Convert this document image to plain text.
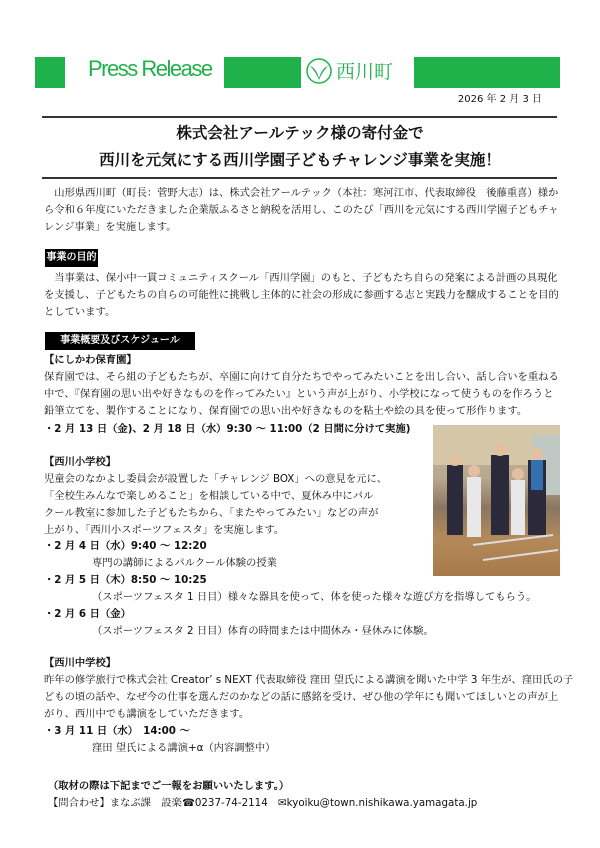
Press Release	西川町
2026 年 2 月 3 日
株式会社アールテック様の寄付金で
西川を元気にする西川学園子どもチャレンジ事業を実施！
　山形県西川町（町長：菅野大志）は、株式会社アールテック（本社：寒河江市、代表取締役　後藤重喜）様か
ら令和６年度にいただきました企業版ふるさと納税を活用し、このたび「西川を元気にする西川学園子どもチャ
レンジ事業」を実施します。
事業の目的
　当事業は、保小中一貫コミュニティスクール「西川学園」のもと、子どもたち自らの発案による計画の具現化
を支援し、子どもたちの自らの可能性に挑戦し主体的に社会の形成に参画する志と実践力を醸成することを目的
としています。
事業概要及びスケジュール
【にしかわ保育園】
保育園では、そら組の子どもたちが、卒園に向けて自分たちでやってみたいことを出し合い、話し合いを重ねる
中で、『保育園の思い出や好きなものを作ってみたい』という声が上がり、小学校になって使うものを作ろうと
鉛筆立てを、製作することになり、保育園での思い出や好きなものを粘土や絵の具を使って形作ります。
・2 月 13 日（金)、2 月 18 日（水）9:30 ～ 11:00（2 日間に分けて実施)
【西川小学校】
児童会のなかよし委員会が設置した「チャレンジ BOX」への意見を元に、
「全校生みんなで楽しめること」を相談している中で、夏休み中にパル
クール教室に参加した子どもたちから、「またやってみたい」などの声が
上がり、「西川小スポーツフェスタ」を実施します。
・2 月 4 日（水）9:40 ～ 12:20
専門の講師によるパルクール体験の授業
・2 月 5 日（木）8:50 ～ 10:25
（スポーツフェスタ 1 日目）様々な器具を使って、体を使った様々な遊び方を指導してもらう。
・2 月 6 日（金）
（スポーツフェスタ 2 日目）体育の時間または中間休み・昼休みに体験。
【西川中学校】
昨年の修学旅行で株式会社 Creator’ s NEXT 代表取締役 窪田 望氏による講演を聞いた中学 3 年生が、窪田氏の子
どもの頃の話や、なぜ今の仕事を選んだのかなどの話に感銘を受け、ぜひ他の学年にも聞いてほしいとの声が上
がり、西川中でも講演をしていただきます。
・3 月 11 日（水）　14:00 ～
窪田 望氏による講演+α（内容調整中）
（取材の際は下記までご一報をお願いいたします。）
【問合わせ】まなぶ課　設楽 ☎0237-74-2114 ✉kyoiku@town.nishikawa.yamagata.jp
